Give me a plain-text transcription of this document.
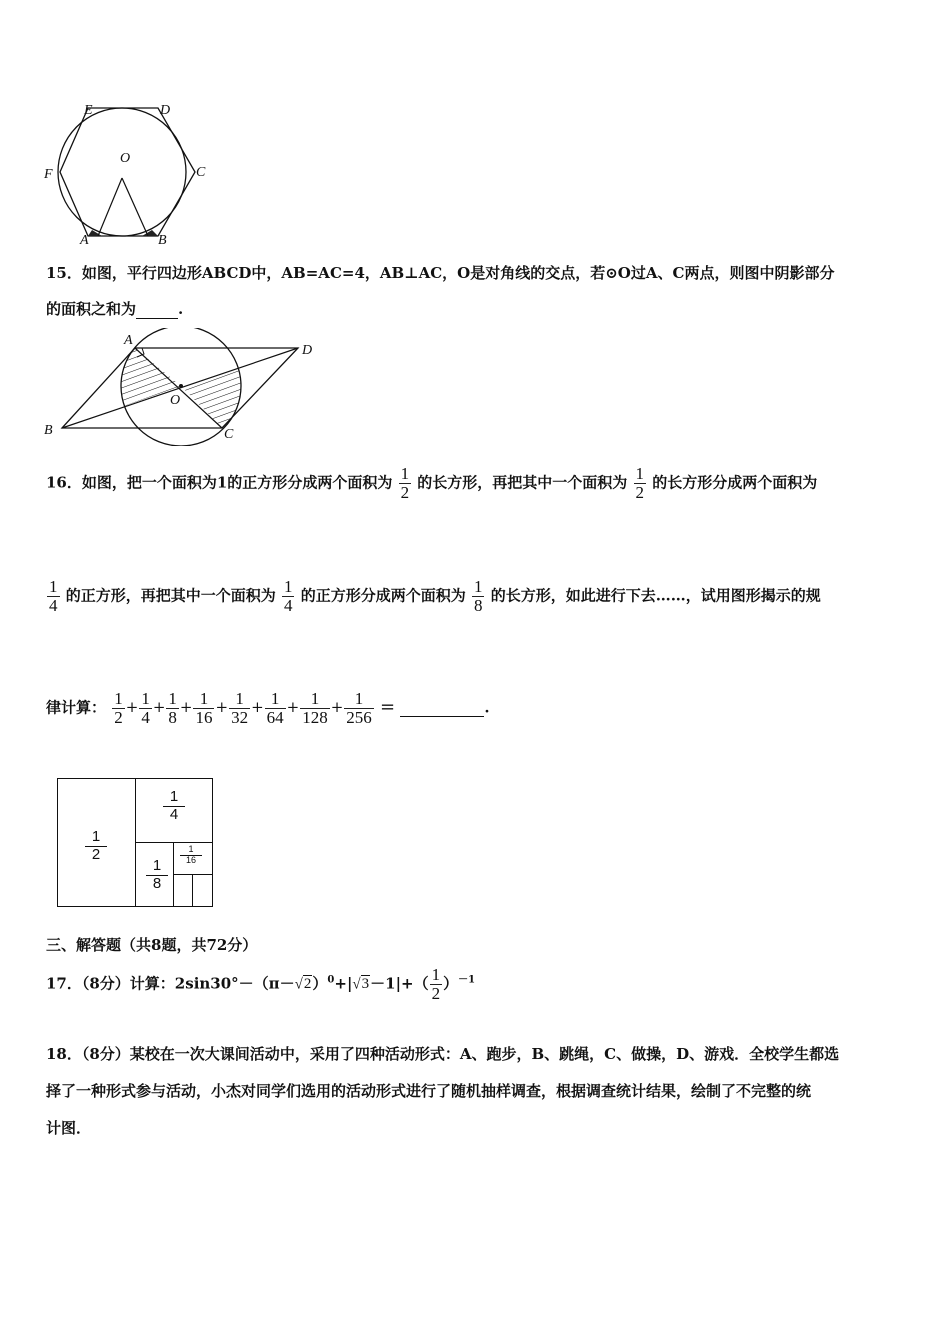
E	D
F
O
C
A	B
15．如图，平行四边形ABCD中，AB=AC=4，AB⊥AC，O是对角线的交点，若⊙O过A、C两点，则图中阴影部分
的面积之和为	.
A
D
O
B	C
16．如图，把一个面积为1的正方形分成两个面积为 $\frac{1}{2}$ 的长方形，再把其中一个面积为 $\frac{1}{2}$ 的长方形分成两个面积为
$\frac{1}{4}$ 的正方形，再把其中一个面积为 $\frac{1}{4}$ 的正方形分成两个面积为 $\frac{1}{8}$ 的长方形，如此进行下去……，试用图形揭示的规
律计算： $\frac{1}{2} + \frac{1}{4} + \frac{1}{8} + \frac{1}{16} + \frac{1}{32} + \frac{1}{64} + \frac{1}{128} + \frac{1}{256}$ =	.
1
2
1
4
1
8
1
16
三、解答题（共8题，共72分）
17．（8分）计算：$2\sin 30^\circ-(\pi-√2)^0+|√3-1|+( \frac{1}{2} )^{-1}$
18．（8分）某校在一次大课间活动中，采用了四种活动形式：A、跑步，B、跳绳，C、做操，D、游戏．全校学生都选
择了一种形式参与活动，小杰对同学们选用的活动形式进行了随机抽样调查，根据调查统计结果，绘制了不完整的统
计图．
